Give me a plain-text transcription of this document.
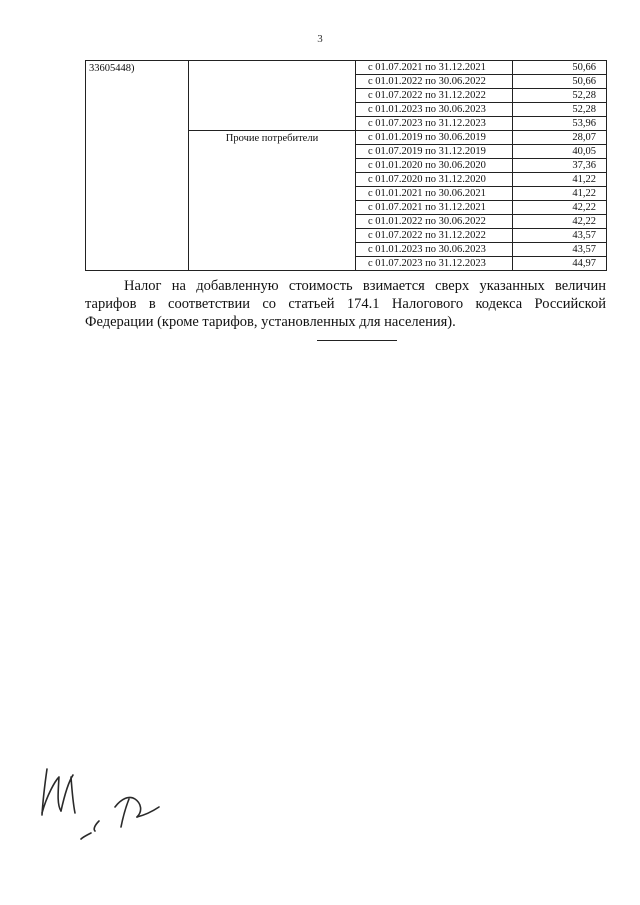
3
33605448)		с 01.07.2021 по 31.12.2021	50,66
		с 01.01.2022 по 30.06.2022	50,66
		с 01.07.2022 по 31.12.2022	52,28
		с 01.01.2023 по 30.06.2023	52,28
		с 01.07.2023 по 31.12.2023	53,96
	Прочие потребители	с 01.01.2019 по 30.06.2019	28,07
		с 01.07.2019 по 31.12.2019	40,05
		с 01.01.2020 по 30.06.2020	37,36
		с 01.07.2020 по 31.12.2020	41,22
		с 01.01.2021 по 30.06.2021	41,22
		с 01.07.2021 по 31.12.2021	42,22
		с 01.01.2022 по 30.06.2022	42,22
		с 01.07.2022 по 31.12.2022	43,57
		с 01.01.2023 по 30.06.2023	43,57
		с 01.07.2023 по 31.12.2023	44,97

Налог на добавленную стоимость взимается сверх указанных величин тарифов в соответствии со статьей 174.1 Налогового кодекса Российской Федерации (кроме тарифов, установленных для населения).
